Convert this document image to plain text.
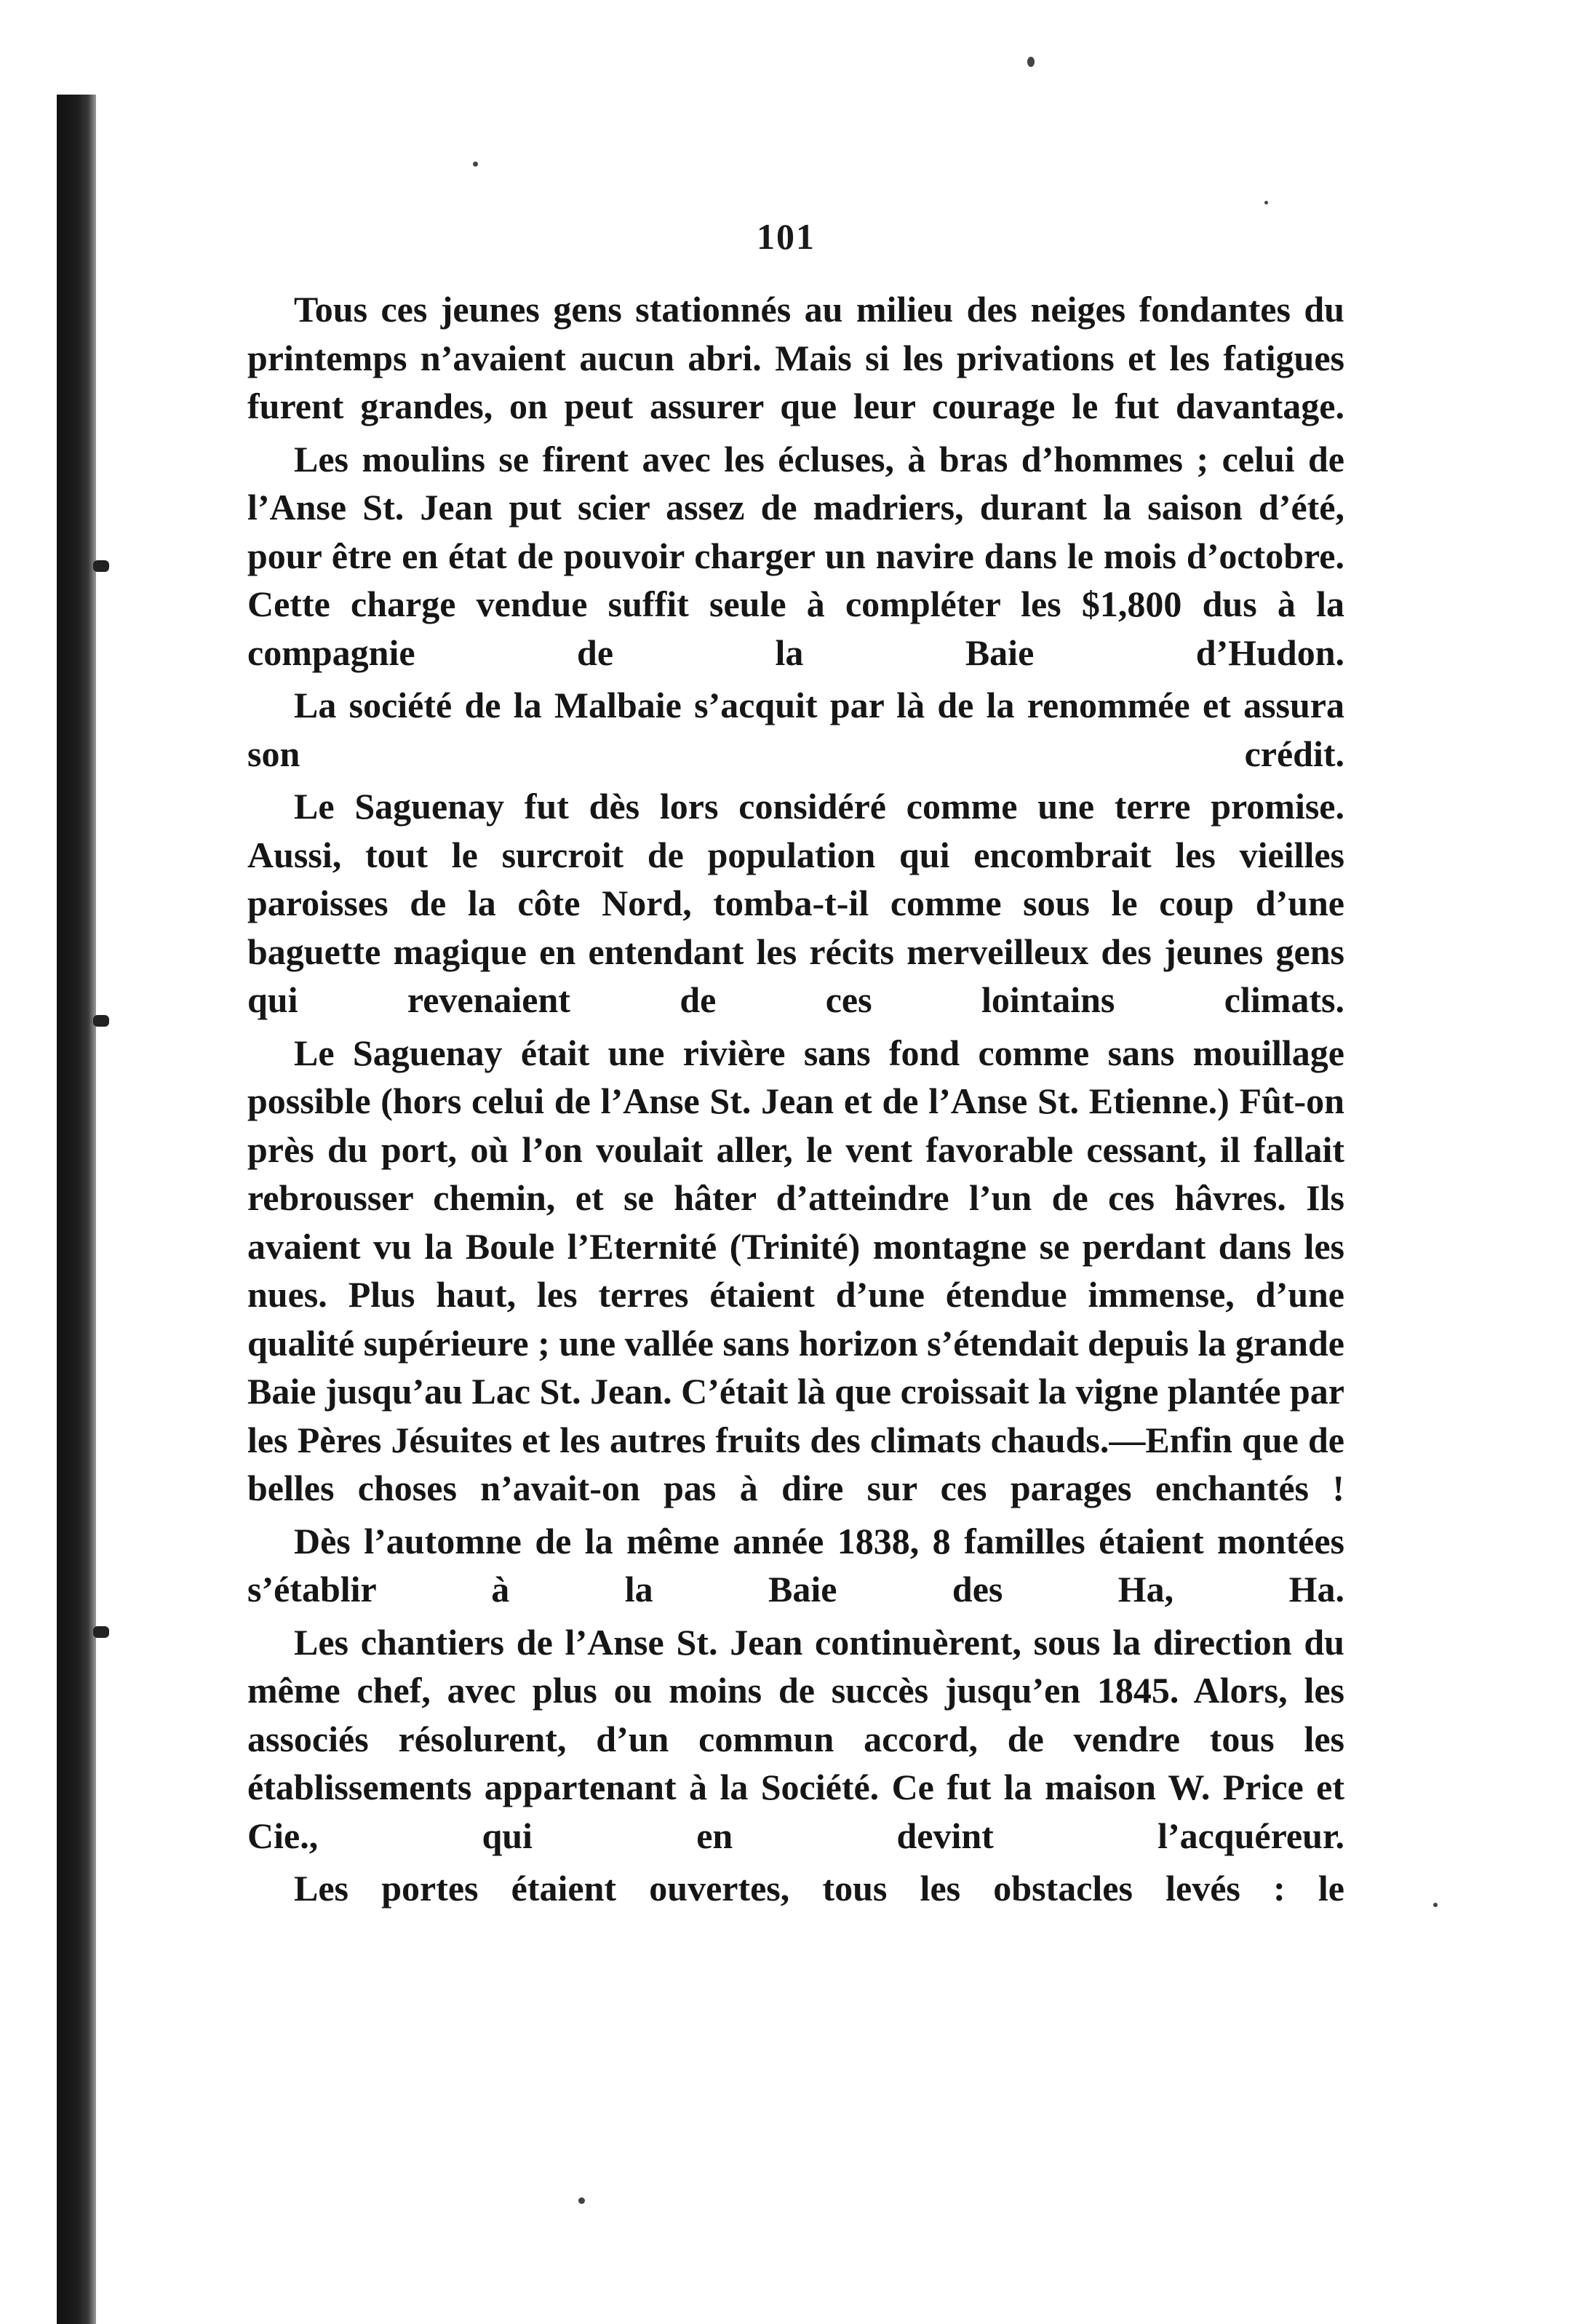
101

Tous ces jeunes gens stationnés au milieu des neiges fondantes du printemps n’avaient aucun abri. Mais si les privations et les fatigues furent grandes, on peut assurer que leur courage le fut davantage.

Les moulins se firent avec les écluses, à bras d’hommes ; celui de l’Anse St. Jean put scier assez de madriers, durant la saison d’été, pour être en état de pouvoir charger un navire dans le mois d’octobre. Cette charge vendue suffit seule à compléter les $1,800 dus à la compagnie de la Baie d’Hudon.

La société de la Malbaie s’acquit par là de la renommée et assura son crédit.

Le Saguenay fut dès lors considéré comme une terre promise. Aussi, tout le surcroit de population qui encombrait les vieilles paroisses de la côte Nord, tomba-t-il comme sous le coup d’une baguette magique en entendant les récits merveilleux des jeunes gens qui revenaient de ces lointains climats.

Le Saguenay était une rivière sans fond comme sans mouillage possible (hors celui de l’Anse St. Jean et de l’Anse St. Etienne.) Fût-on près du port, où l’on voulait aller, le vent favorable cessant, il fallait rebrousser chemin, et se hâter d’atteindre l’un de ces hâvres. Ils avaient vu la Boule l’Eternité (Trinité) montagne se perdant dans les nues. Plus haut, les terres étaient d’une étendue immense, d’une qualité supérieure ; une vallée sans horizon s’étendait depuis la grande Baie jusqu’au Lac St. Jean. C’était là que croissait la vigne plantée par les Pères Jésuites et les autres fruits des climats chauds.—Enfin que de belles choses n’avait-on pas à dire sur ces parages enchantés !

Dès l’automne de la même année 1838, 8 familles étaient montées s’établir à la Baie des Ha, Ha.

Les chantiers de l’Anse St. Jean continuèrent, sous la direction du même chef, avec plus ou moins de succès jusqu’en 1845. Alors, les associés résolurent, d’un commun accord, de vendre tous les établissements appartenant à la Société. Ce fut la maison W. Price et Cie., qui en devint l’acquéreur.

Les portes étaient ouvertes, tous les obstacles levés : le
